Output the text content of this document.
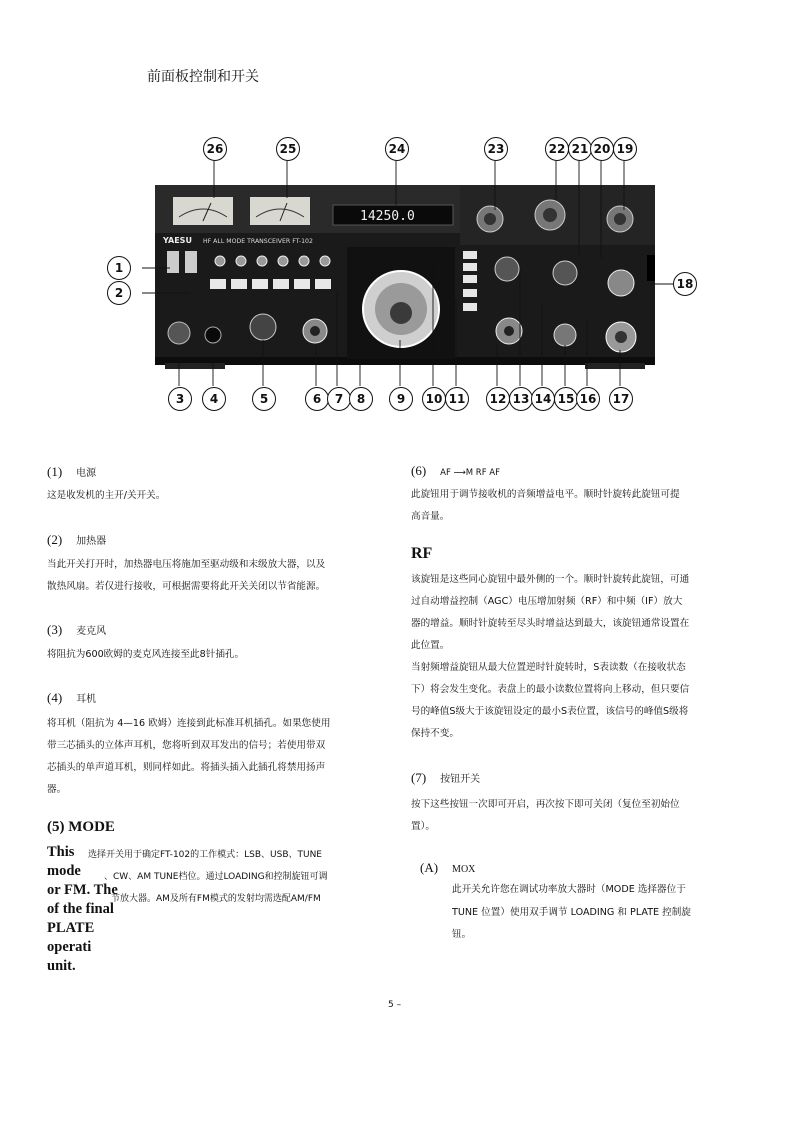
前面板控制和开关
26	25	24	23	22 21 20 19
14250.0
YAESU HF ALL MODE TRANSCEIVER FT-102
1
2
18
3	4	5	6	7	8	9	10 11	12 13 14 15 16	17
(1) 电源
这是收发机的主开/关开关。
(2) 加热器
当此开关打开时，加热器电压将施加至驱动级和末级放大器，以及
散热风扇。若仅进行接收，可根据需要将此开关关闭以节省能源。
(3) 麦克风
将阻抗为600欧姆的麦克风连接至此8针插孔。
(4) 耳机
将耳机（阻抗为 4—16 欧姆）连接到此标准耳机插孔。如果您使用
带三芯插头的立体声耳机，您将听到双耳发出的信号；若使用带双
芯插头的单声道耳机，则同样如此。将插头插入此插孔将禁用扬声
器。
(5) MODE
This
mode
or FM. The
of the final
PLATE
operati
unit.
选择开关用于确定FT-102的工作模式：LSB、USB、TUNE
、CW、AM TUNE档位。通过LOADING和控制旋钮可调
节放大器。AM及所有FM模式的发射均需选配AM/FM
(6) AF ⟶M RF AF
此旋钮用于调节接收机的音频增益电平。顺时针旋转此旋钮可提
高音量。
RF
该旋钮是这些同心旋钮中最外侧的一个。顺时针旋转此旋钮，可通
过自动增益控制（AGC）电压增加射频（RF）和中频（IF）放大
器的增益。顺时针旋转至尽头时增益达到最大，该旋钮通常设置在
此位置。
当射频增益旋钮从最大位置逆时针旋转时，S表读数（在接收状态
下）将会发生变化。表盘上的最小读数位置将向上移动，但只要信
号的峰值S级大于该旋钮设定的最小S表位置，该信号的峰值S级将
保持不变。
(7) 按钮开关
按下这些按钮一次即可开启，再次按下即可关闭（复位至初始位
置）。
(A) MOX
此开关允许您在调试功率放大器时（MODE 选择器位于
TUNE 位置）使用双手调节 LOADING 和 PLATE 控制旋
钮。
5 –
